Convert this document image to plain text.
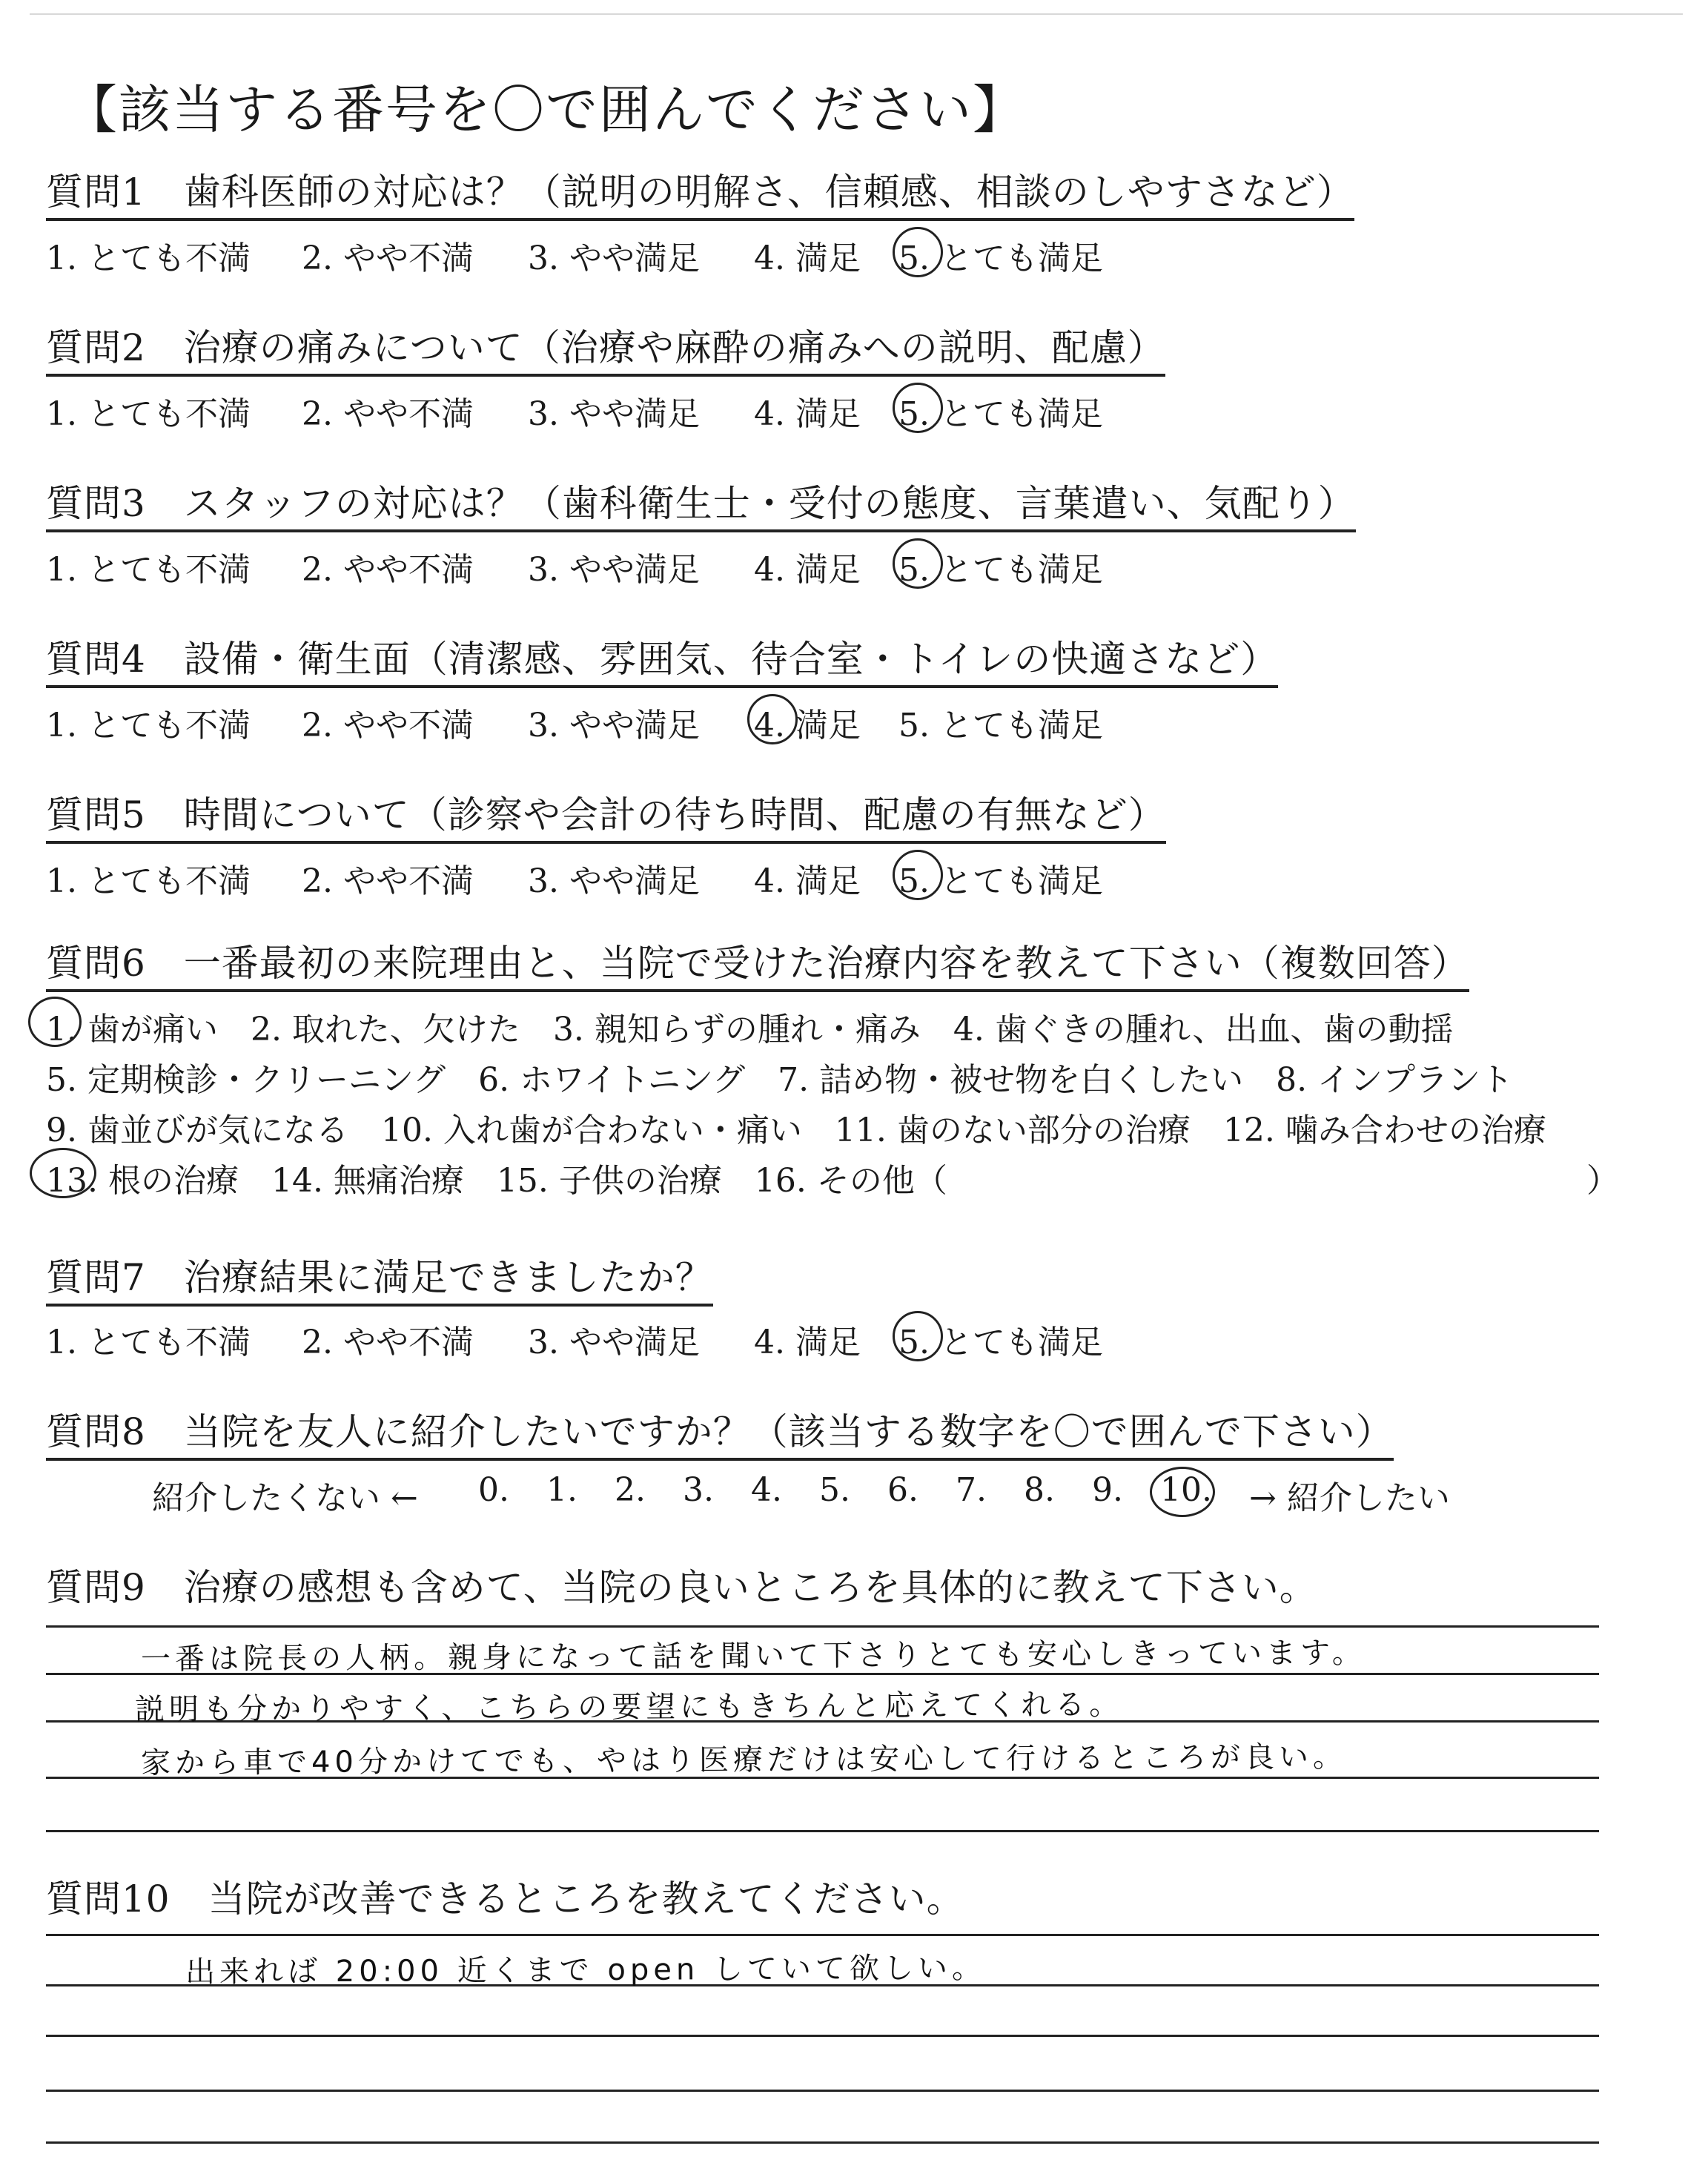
【該当する番号を〇で囲んでください】
質問1　歯科医師の対応は？（説明の明解さ、信頼感、相談のしやすさなど）
1. とても不満 2. やや不満 3. やや満足 4. 満足 5. とても満足
質問2　治療の痛みについて（治療や麻酔の痛みへの説明、配慮）
1. とても不満 2. やや不満 3. やや満足 4. 満足 5. とても満足
質問3　スタッフの対応は？（歯科衛生士・受付の態度、言葉遣い、気配り）
1. とても不満 2. やや不満 3. やや満足 4. 満足 5. とても満足
質問4　設備・衛生面（清潔感、雰囲気、待合室・トイレの快適さなど）
1. とても不満 2. やや不満 3. やや満足 4. 満足 5. とても満足
質問5　時間について（診察や会計の待ち時間、配慮の有無など）
1. とても不満 2. やや不満 3. やや満足 4. 満足 5. とても満足
質問6　一番最初の来院理由と、当院で受けた治療内容を教えて下さい（複数回答）
1. 歯が痛い 2. 取れた、欠けた 3. 親知らずの腫れ・痛み 4. 歯ぐきの腫れ、出血、歯の動揺
5. 定期検診・クリーニング 6. ホワイトニング 7. 詰め物・被せ物を白くしたい 8. インプラント
9. 歯並びが気になる 10. 入れ歯が合わない・痛い 11. 歯のない部分の治療 12. 噛み合わせの治療
13. 根の治療 14. 無痛治療 15. 子供の治療 16. その他（	）
質問7　治療結果に満足できましたか？
1. とても不満 2. やや不満 3. やや満足 4. 満足 5. とても満足
質問8　当院を友人に紹介したいですか？（該当する数字を〇で囲んで下さい）
紹介したくない ← 0. 1. 2. 3. 4. 5. 6. 7. 8. 9. 10. → 紹介したい
質問9　治療の感想も含めて、当院の良いところを具体的に教えて下さい。
一番は院長の人柄。親身になって話を聞いて下さりとても安心しきっています。
説明も分かりやすく、こちらの要望にもきちんと応えてくれる。
家から車で40分かけてでも、やはり医療だけは安心して行けるところが良い。
質問10　当院が改善できるところを教えてください。
出来れば 20:00 近くまで open していて欲しい。
